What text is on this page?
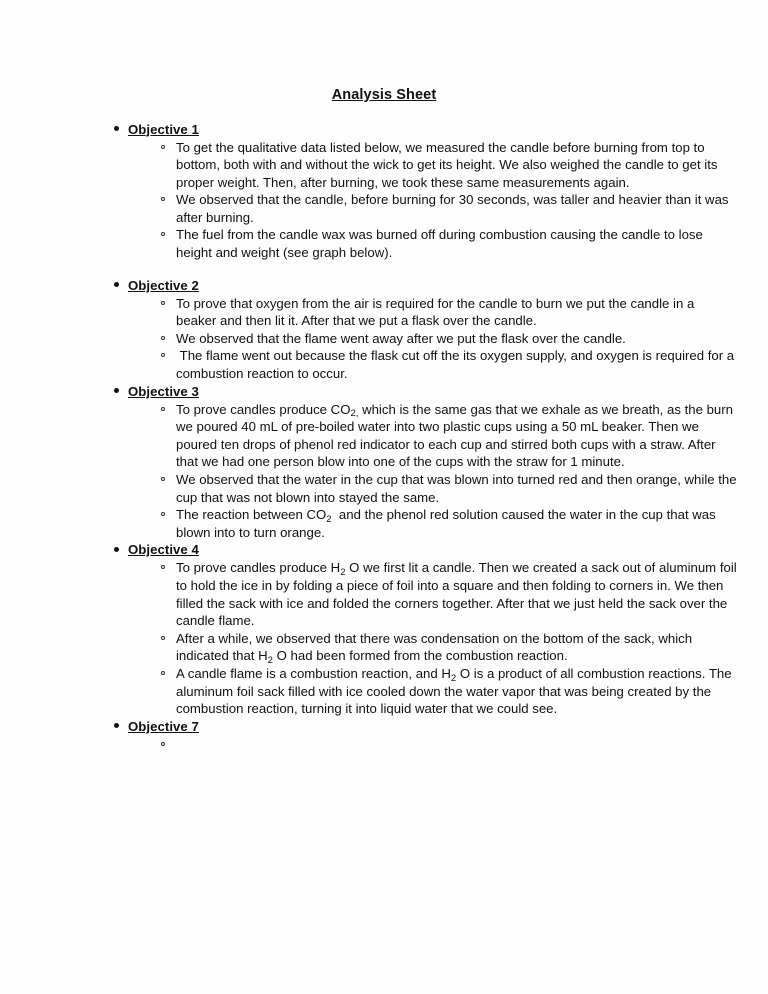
Analysis Sheet
Objective 1
To get the qualitative data listed below, we measured the candle before burning from top to bottom, both with and without the wick to get its height. We also weighed the candle to get its proper weight. Then, after burning, we took these same measurements again.
We observed that the candle, before burning for 30 seconds, was taller and heavier than it was after burning.
The fuel from the candle wax was burned off during combustion causing the candle to lose height and weight (see graph below).
Objective 2
To prove that oxygen from the air is required for the candle to burn we put the candle in a beaker and then lit it. After that we put a flask over the candle.
We observed that the flame went away after we put the flask over the candle.
The flame went out because the flask cut off the its oxygen supply, and oxygen is required for a combustion reaction to occur.
Objective 3
To prove candles produce $CO_{2,}$ which is the same gas that we exhale as we breath, as the burn we poured 40 mL of pre-boiled water into two plastic cups using a 50 mL beaker. Then we poured ten drops of phenol red indicator to each cup and stirred both cups with a straw. After that we had one person blow into one of the cups with the straw for 1 minute.
We observed that the water in the cup that was blown into turned red and then orange, while the cup that was not blown into stayed the same.
The reaction between $CO_2$  and the phenol red solution caused the water in the cup that was blown into to turn orange.
Objective 4
To prove candles produce $H_2$ O we first lit a candle. Then we created a sack out of aluminum foil to hold the ice in by folding a piece of foil into a square and then folding to corners in. We then filled the sack with ice and folded the corners together. After that we just held the sack over the candle flame.
After a while, we observed that there was condensation on the bottom of the sack, which indicated that $H_2$ O had been formed from the combustion reaction.
A candle flame is a combustion reaction, and $H_2$ O is a product of all combustion reactions. The aluminum foil sack filled with ice cooled down the water vapor that was being created by the combustion reaction, turning it into liquid water that we could see.
Objective 7
